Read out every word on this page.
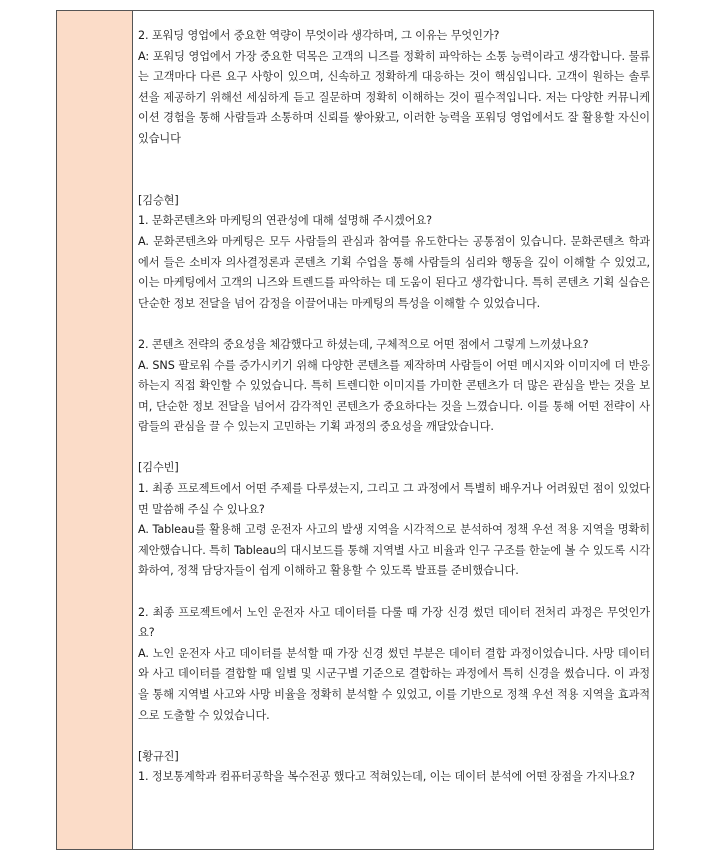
2. 포워딩 영업에서 중요한 역량이 무엇이라 생각하며, 그 이유는 무엇인가?

A: 포워딩 영업에서 가장 중요한 덕목은 고객의 니즈를 정확히 파악하는 소통 능력이라고 생각합니다. 물류는 고객마다 다른 요구 사항이 있으며, 신속하고 정확하게 대응하는 것이 핵심입니다. 고객이 원하는 솔루션을 제공하기 위해선 세심하게 듣고 질문하며 정확히 이해하는 것이 필수적입니다. 저는 다양한 커뮤니케이션 경험을 통해 사람들과 소통하며 신뢰를 쌓아왔고, 이러한 능력을 포워딩 영업에서도 잘 활용할 자신이 있습니다

[김승현]

1. 문화콘텐츠와 마케팅의 연관성에 대해 설명해 주시겠어요?

A. 문화콘텐츠와 마케팅은 모두 사람들의 관심과 참여를 유도한다는 공통점이 있습니다. 문화콘텐츠 학과에서 들은 소비자 의사결정론과 콘텐츠 기획 수업을 통해 사람들의 심리와 행동을 깊이 이해할 수 있었고, 이는 마케팅에서 고객의 니즈와 트렌드를 파악하는 데 도움이 된다고 생각합니다. 특히 콘텐츠 기획 실습은 단순한 정보 전달을 넘어 감정을 이끌어내는 마케팅의 특성을 이해할 수 있었습니다.

2. 콘텐츠 전략의 중요성을 체감했다고 하셨는데, 구체적으로 어떤 점에서 그렇게 느끼셨나요?

A. SNS 팔로워 수를 증가시키기 위해 다양한 콘텐츠를 제작하며 사람들이 어떤 메시지와 이미지에 더 반응하는지 직접 확인할 수 있었습니다. 특히 트렌디한 이미지를 가미한 콘텐츠가 더 많은 관심을 받는 것을 보며, 단순한 정보 전달을 넘어서 감각적인 콘텐츠가 중요하다는 것을 느꼈습니다. 이를 통해 어떤 전략이 사람들의 관심을 끌 수 있는지 고민하는 기획 과정의 중요성을 깨달았습니다.

[김수빈]

1. 최종 프로젝트에서 어떤 주제를 다루셨는지, 그리고 그 과정에서 특별히 배우거나 어려웠던 점이 있었다면 말씀해 주실 수 있나요?

A. Tableau를 활용해 고령 운전자 사고의 발생 지역을 시각적으로 분석하여 정책 우선 적용 지역을 명확히 제안했습니다. 특히 Tableau의 대시보드를 통해 지역별 사고 비율과 인구 구조를 한눈에 볼 수 있도록 시각화하여, 정책 담당자들이 쉽게 이해하고 활용할 수 있도록 발표를 준비했습니다.

2. 최종 프로젝트에서 노인 운전자 사고 데이터를 다룰 때 가장 신경 썼던 데이터 전처리 과정은 무엇인가요?

A. 노인 운전자 사고 데이터를 분석할 때 가장 신경 썼던 부분은 데이터 결합 과정이었습니다. 사망 데이터와 사고 데이터를 결합할 때 일별 및 시군구별 기준으로 결합하는 과정에서 특히 신경을 썼습니다. 이 과정을 통해 지역별 사고와 사망 비율을 정확히 분석할 수 있었고, 이를 기반으로 정책 우선 적용 지역을 효과적으로 도출할 수 있었습니다.

[황규진]

1. 정보통계학과 컴퓨터공학을 복수전공 했다고 적혀있는데, 이는 데이터 분석에 어떤 장점을 가지나요?
